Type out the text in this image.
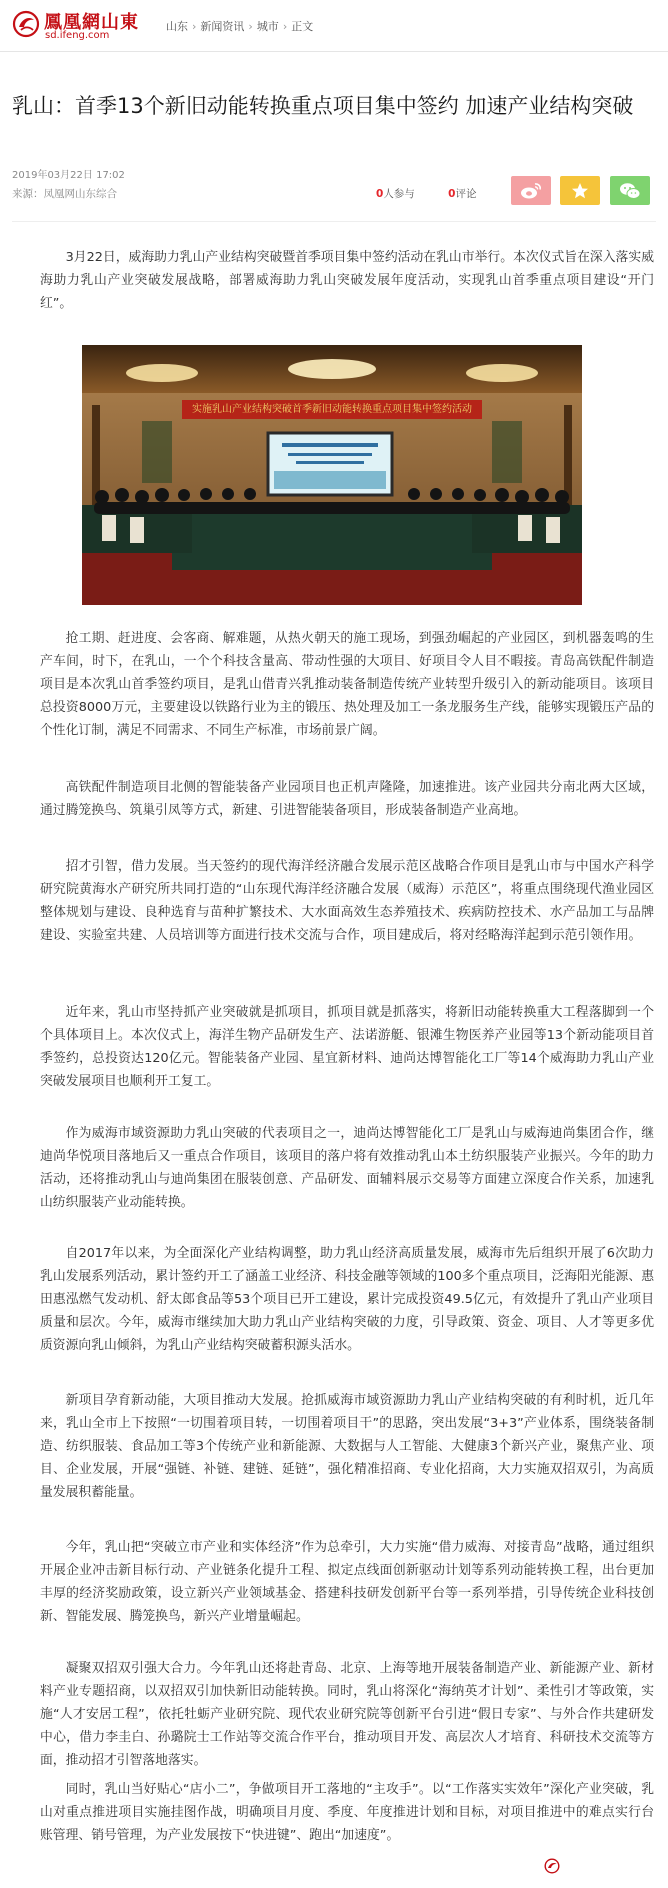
鳳凰網山東
sd.ifeng.com
山东 › 新闻资讯 › 城市 › 正文
乳山：首季13个新旧动能转换重点项目集中签约 加速产业结构突破
2019年03月22日 17:02
来源：凤凰网山东综合	0人参与	0评论

3月22日，威海助力乳山产业结构突破暨首季项目集中签约活动在乳山市举行。本次仪式旨在深入落实威海助力乳山产业突破发展战略，部署威海助力乳山突破发展年度活动，实现乳山首季重点项目建设“开门红”。

实施乳山产业结构突破首季新旧动能转换重点项目集中签约活动

抢工期、赶进度、会客商、解难题，从热火朝天的施工现场，到强劲崛起的产业园区，到机器轰鸣的生产车间，时下，在乳山，一个个科技含量高、带动性强的大项目、好项目令人目不暇接。青岛高铁配件制造项目是本次乳山首季签约项目，是乳山借青兴乳推动装备制造传统产业转型升级引入的新动能项目。该项目总投资8000万元，主要建设以铁路行业为主的锻压、热处理及加工一条龙服务生产线，能够实现锻压产品的个性化订制，满足不同需求、不同生产标准，市场前景广阔。

高铁配件制造项目北侧的智能装备产业园项目也正机声隆隆，加速推进。该产业园共分南北两大区域，通过腾笼换鸟、筑巢引凤等方式，新建、引进智能装备项目，形成装备制造产业高地。

招才引智，借力发展。当天签约的现代海洋经济融合发展示范区战略合作项目是乳山市与中国水产科学研究院黄海水产研究所共同打造的“山东现代海洋经济融合发展（威海）示范区”，将重点围绕现代渔业园区整体规划与建设、良种选育与苗种扩繁技术、大水面高效生态养殖技术、疾病防控技术、水产品加工与品牌建设、实验室共建、人员培训等方面进行技术交流与合作，项目建成后，将对经略海洋起到示范引领作用。

近年来，乳山市坚持抓产业突破就是抓项目，抓项目就是抓落实，将新旧动能转换重大工程落脚到一个个具体项目上。本次仪式上，海洋生物产品研发生产、法诺游艇、银滩生物医养产业园等13个新动能项目首季签约，总投资达120亿元。智能装备产业园、星宜新材料、迪尚达博智能化工厂等14个威海助力乳山产业突破发展项目也顺利开工复工。

作为威海市域资源助力乳山突破的代表项目之一，迪尚达博智能化工厂是乳山与威海迪尚集团合作，继迪尚华悦项目落地后又一重点合作项目，该项目的落户将有效推动乳山本土纺织服装产业振兴。今年的助力活动，还将推动乳山与迪尚集团在服装创意、产品研发、面辅料展示交易等方面建立深度合作关系，加速乳山纺织服装产业动能转换。

自2017年以来，为全面深化产业结构调整，助力乳山经济高质量发展，威海市先后组织开展了6次助力乳山发展系列活动，累计签约开工了涵盖工业经济、科技金融等领域的100多个重点项目，泛海阳光能源、惠田惠泓燃气发动机、舒太郎食品等53个项目已开工建设，累计完成投资49.5亿元，有效提升了乳山产业项目质量和层次。今年，威海市继续加大助力乳山产业结构突破的力度，引导政策、资金、项目、人才等更多优质资源向乳山倾斜，为乳山产业结构突破蓄积源头活水。

新项目孕育新动能，大项目推动大发展。抢抓威海市域资源助力乳山产业结构突破的有利时机，近几年来，乳山全市上下按照“一切围着项目转，一切围着项目干”的思路，突出发展“3+3”产业体系，围绕装备制造、纺织服装、食品加工等3个传统产业和新能源、大数据与人工智能、大健康3个新兴产业，聚焦产业、项目、企业发展，开展“强链、补链、建链、延链”，强化精准招商、专业化招商，大力实施双招双引，为高质量发展积蓄能量。

今年，乳山把“突破立市产业和实体经济”作为总牵引，大力实施“借力威海、对接青岛”战略，通过组织开展企业冲击新目标行动、产业链条化提升工程、拟定点线面创新驱动计划等系列动能转换工程，出台更加丰厚的经济奖励政策，设立新兴产业领域基金、搭建科技研发创新平台等一系列举措，引导传统企业科技创新、智能发展、腾笼换鸟，新兴产业增量崛起。

凝聚双招双引强大合力。今年乳山还将赴青岛、北京、上海等地开展装备制造产业、新能源产业、新材料产业专题招商，以双招双引加快新旧动能转换。同时，乳山将深化“海纳英才计划”、柔性引才等政策，实施“人才安居工程”，依托牡蛎产业研究院、现代农业研究院等创新平台引进“假日专家”、与外合作共建研发中心，借力李圭白、孙璐院士工作站等交流合作平台，推动项目开发、高层次人才培育、科研技术交流等方面，推动招才引智落地落实。

同时，乳山当好贴心“店小二”，争做项目开工落地的“主攻手”。以“工作落实实效年”深化产业突破，乳山对重点推进项目实施挂图作战，明确项目月度、季度、年度推进计划和目标，对项目推进中的难点实行台账管理、销号管理，为产业发展按下“快进键”、跑出“加速度”。
